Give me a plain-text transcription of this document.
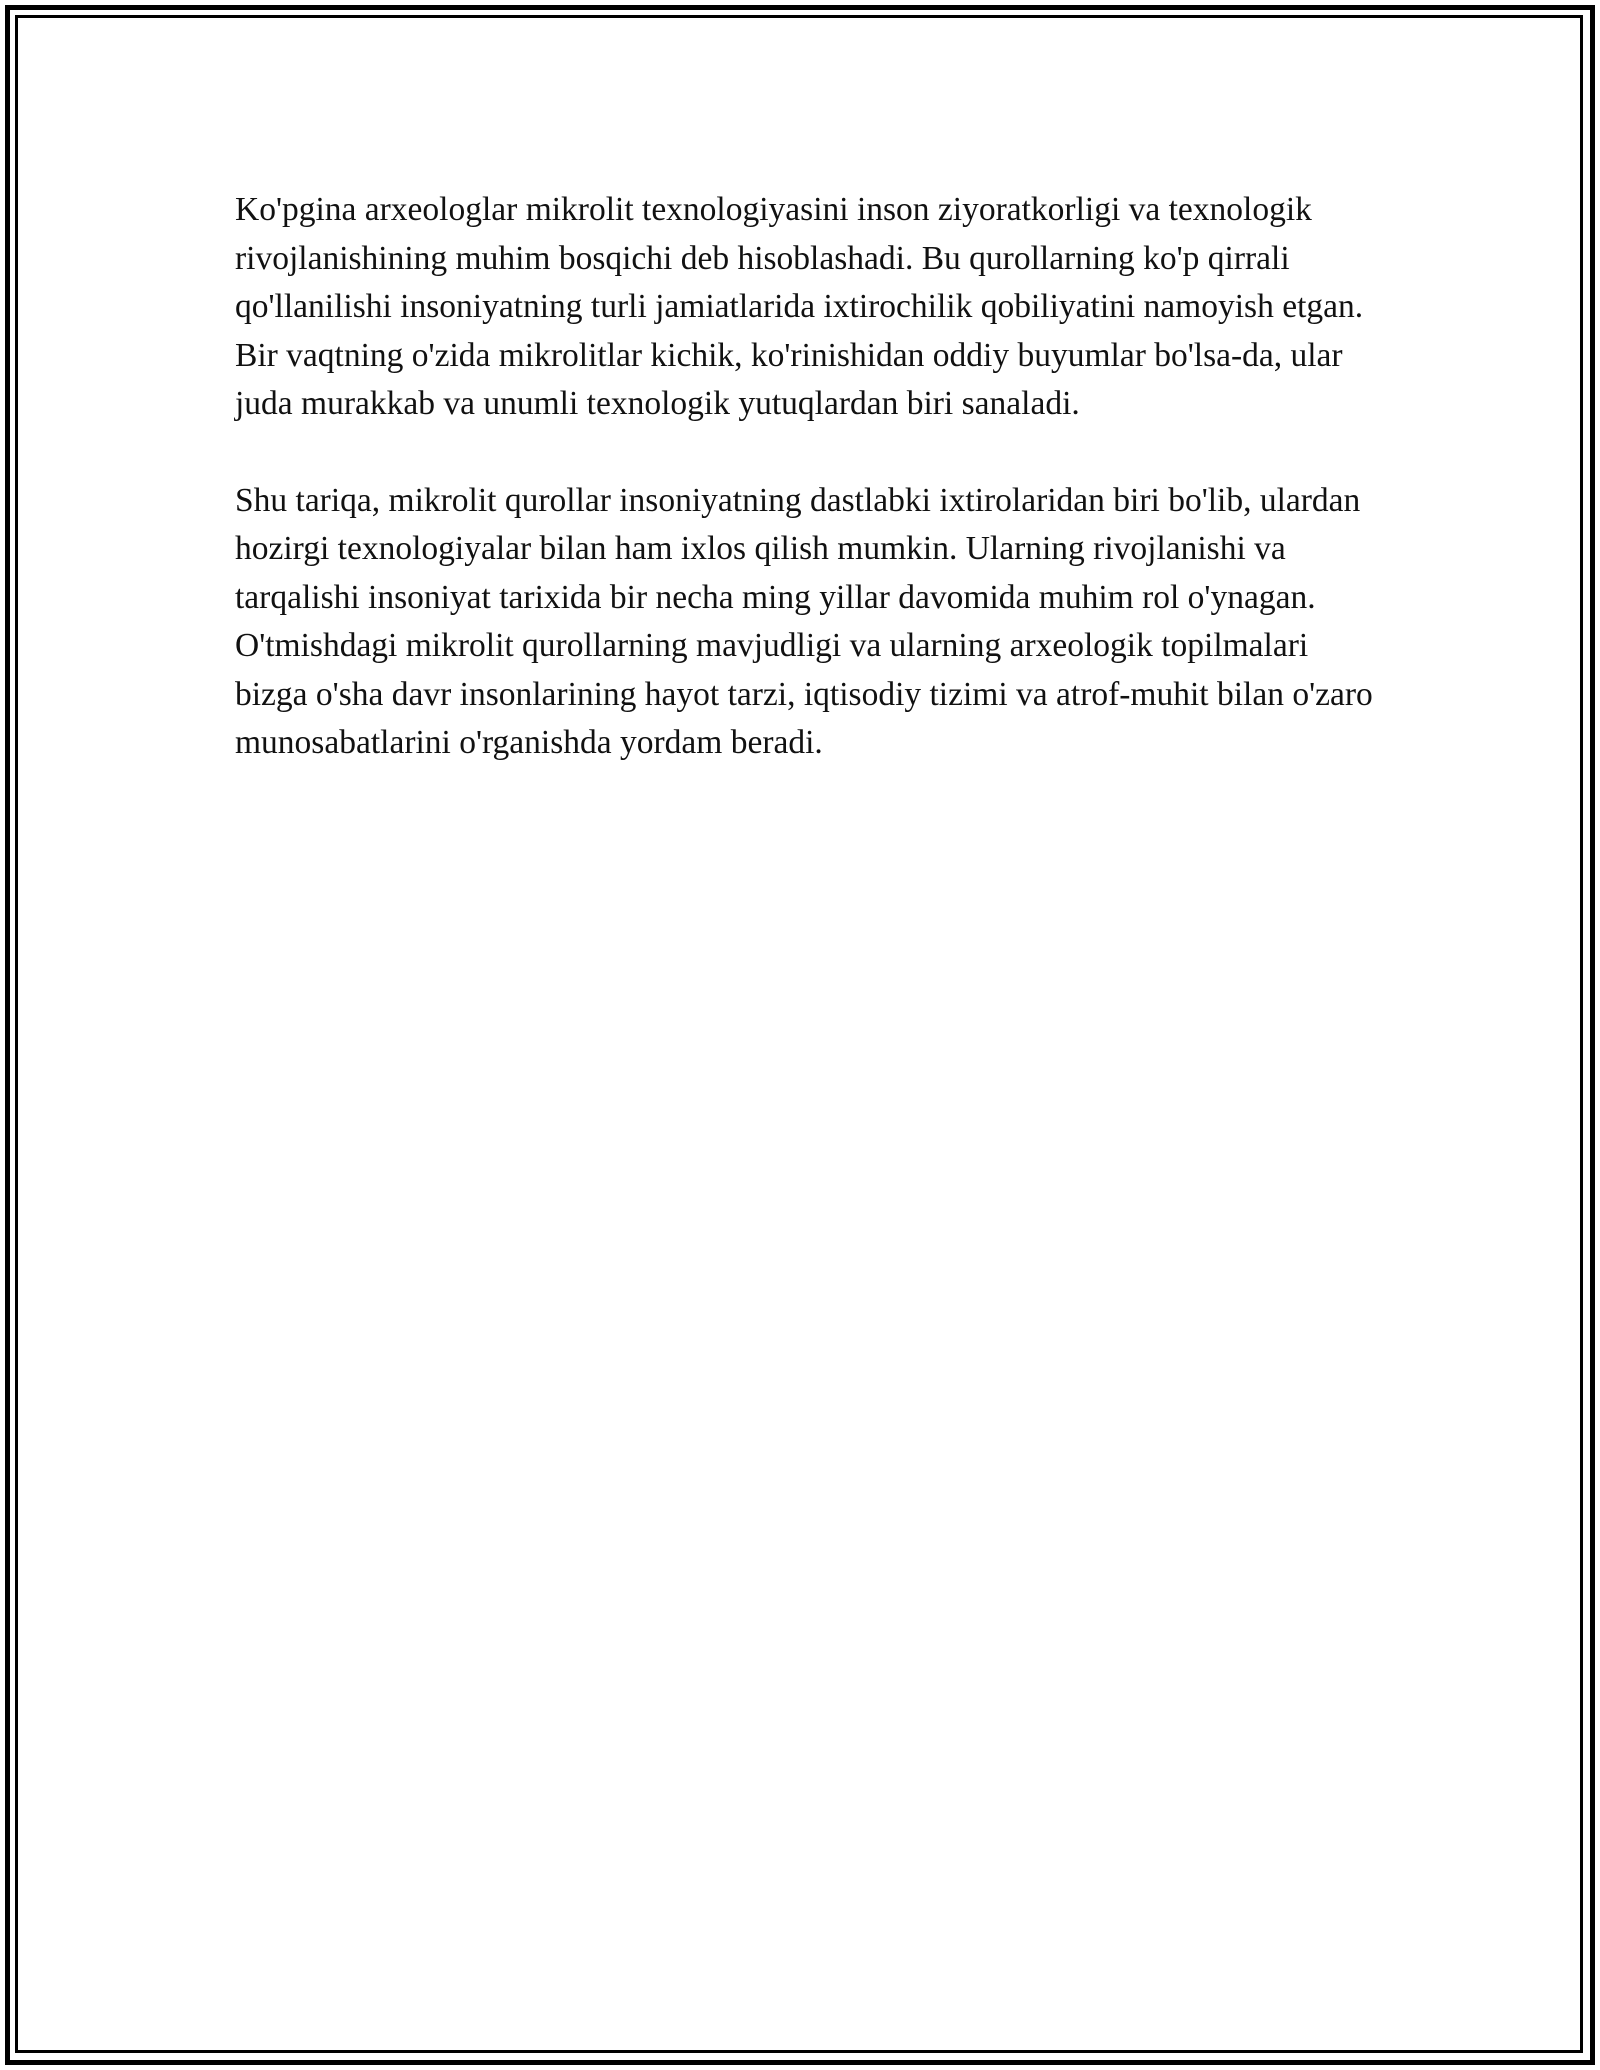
Ko'pgina arxeologlar mikrolit texnologiyasini inson ziyoratkorligi va texnologik rivojlanishining muhim bosqichi deb hisoblashadi. Bu qurollarning ko'p qirrali qo'llanilishi insoniyatning turli jamiatlarida ixtirochilik qobiliyatini namoyish etgan. Bir vaqtning o'zida mikrolitlar kichik, ko'rinishidan oddiy buyumlar bo'lsa-da, ular juda murakkab va unumli texnologik yutuqlardan biri sanaladi.

Shu tariqa, mikrolit qurollar insoniyatning dastlabki ixtirolaridan biri bo'lib, ulardan hozirgi texnologiyalar bilan ham ixlos qilish mumkin. Ularning rivojlanishi va tarqalishi insoniyat tarixida bir necha ming yillar davomida muhim rol o'ynagan. O'tmishdagi mikrolit qurollarning mavjudligi va ularning arxeologik topilmalari bizga o'sha davr insonlarining hayot tarzi, iqtisodiy tizimi va atrof-muhit bilan o'zaro munosabatlarini o'rganishda yordam beradi.
